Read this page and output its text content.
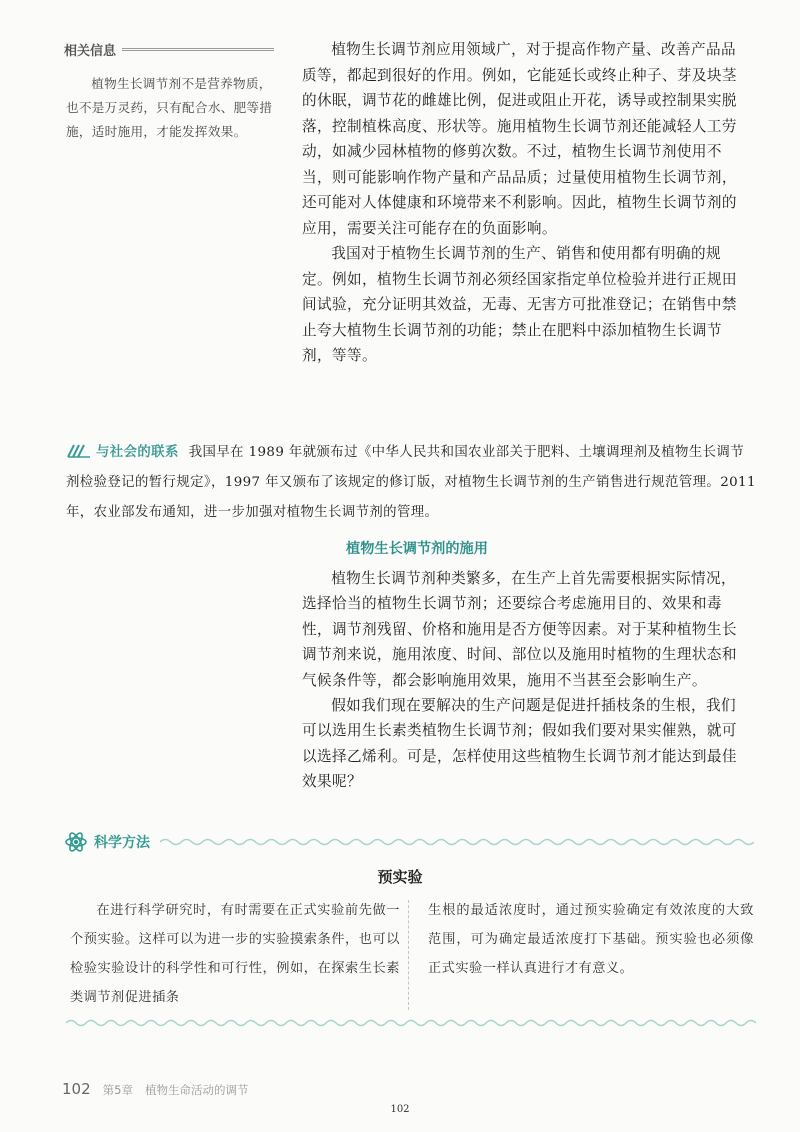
相关信息
植物生长调节剂不是营养物质，也不是万灵药，只有配合水、肥等措施，适时施用，才能发挥效果。

植物生长调节剂应用领域广，对于提高作物产量、改善产品品质等，都起到很好的作用。例如，它能延长或终止种子、芽及块茎的休眠，调节花的雌雄比例，促进或阻止开花，诱导或控制果实脱落，控制植株高度、形状等。施用植物生长调节剂还能减轻人工劳动，如减少园林植物的修剪次数。不过，植物生长调节剂使用不当，则可能影响作物产量和产品品质；过量使用植物生长调节剂，还可能对人体健康和环境带来不利影响。因此，植物生长调节剂的应用，需要关注可能存在的负面影响。

我国对于植物生长调节剂的生产、销售和使用都有明确的规定。例如，植物生长调节剂必须经国家指定单位检验并进行正规田间试验，充分证明其效益，无毒、无害方可批准登记；在销售中禁止夸大植物生长调节剂的功能；禁止在肥料中添加植物生长调节剂，等等。

与社会的联系 我国早在 1989 年就颁布过《中华人民共和国农业部关于肥料、土壤调理剂及植物生长调节剂检验登记的暂行规定》，1997 年又颁布了该规定的修订版，对植物生长调节剂的生产销售进行规范管理。2011 年，农业部发布通知，进一步加强对植物生长调节剂的管理。
植物生长调节剂的施用

植物生长调节剂种类繁多，在生产上首先需要根据实际情况，选择恰当的植物生长调节剂；还要综合考虑施用目的、效果和毒性，调节剂残留、价格和施用是否方便等因素。对于某种植物生长调节剂来说，施用浓度、时间、部位以及施用时植物的生理状态和气候条件等，都会影响施用效果，施用不当甚至会影响生产。

假如我们现在要解决的生产问题是促进扦插枝条的生根，我们可以选用生长素类植物生长调节剂；假如我们要对果实催熟，就可以选择乙烯利。可是，怎样使用这些植物生长调节剂才能达到最佳效果呢？

科学方法
预实验
在进行科学研究时，有时需要在正式实验前先做一个预实验。这样可以为进一步的实验摸索条件，也可以检验实验设计的科学性和可行性，例如，在探索生长素类调节剂促进插条
生根的最适浓度时，通过预实验确定有效浓度的大致范围，可为确定最适浓度打下基础。预实验也必须像正式实验一样认真进行才有意义。
102 第5章 植物生命活动的调节
102
